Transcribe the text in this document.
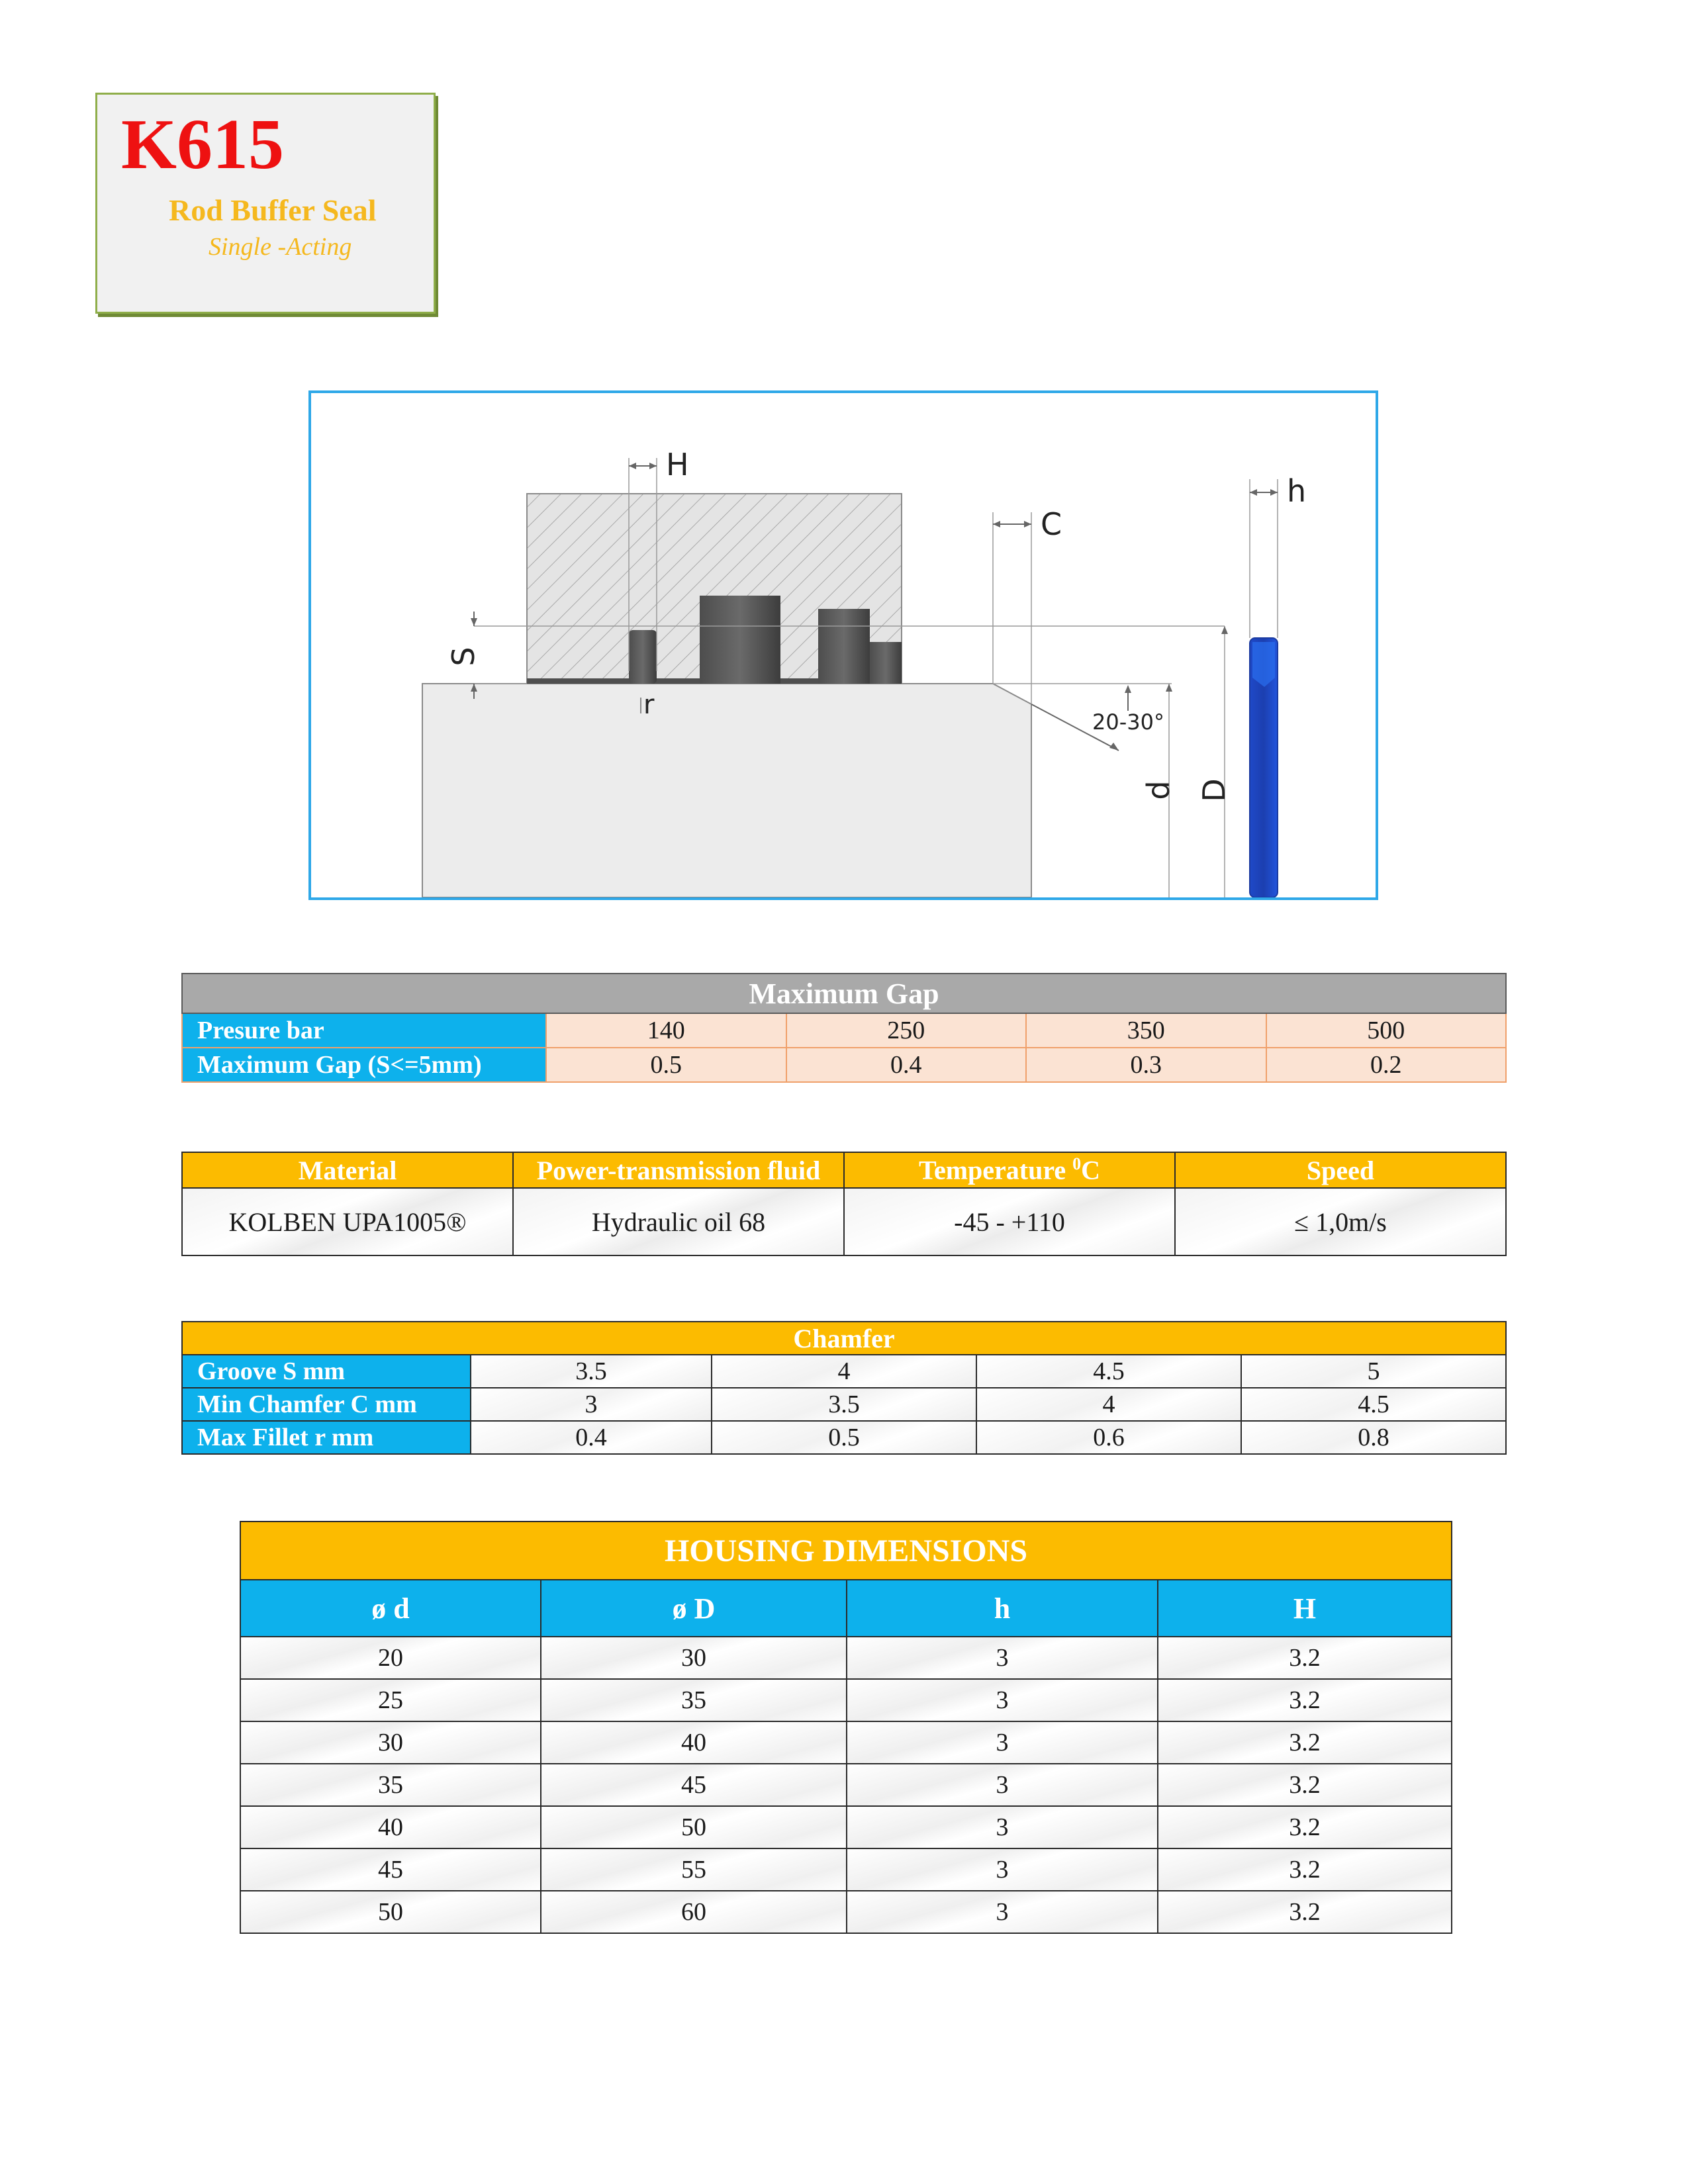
K615
Rod Buffer Seal
Single -Acting
S
H
r
C
20-30°
d D
h
Maximum Gap				
Presure bar	140	250	350	500
Maximum Gap (S<=5mm)	0.5	0.4	0.3	0.2
Material	Power-transmission fluid	Temperature $^0$C	Speed
KOLBEN UPA1005®	Hydraulic oil 68	-45 - +110	≤ 1,0m/s
Chamfer				
Groove S mm	3.5	4	4.5	5
Min Chamfer C mm	3	3.5	4	4.5
Max Fillet r mm	0.4	0.5	0.6	0.8
HOUSING DIMENSIONS			
ø d	ø D	h	H
20	30	3	3.2
25	35	3	3.2
30	40	3	3.2
35	45	3	3.2
40	50	3	3.2
45	55	3	3.2
50	60	3	3.2
